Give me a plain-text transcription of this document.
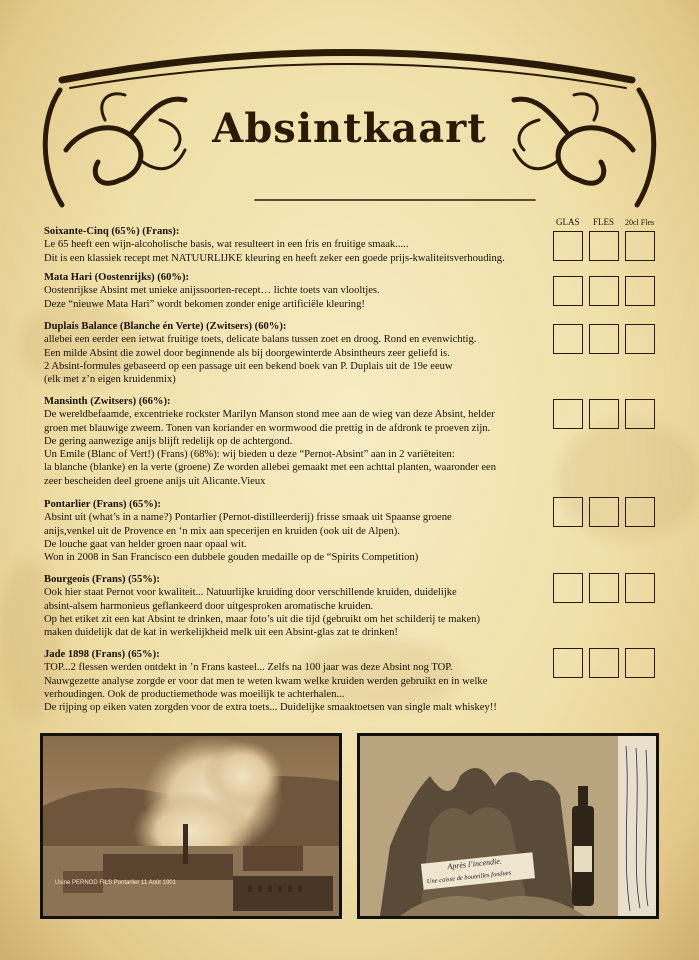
Absintkaart
GLAS FLES 20cl Fles

Soixante-Cinq (65%) (Frans):

Le 65 heeft een wijn-alcoholische basis, wat resulteert in een fris en fruitige smaak.....

Dit is een klassiek recept met NATUURLIJKE kleuring en heeft zeker een goede prijs-kwaliteitsverhouding.

Mata Hari (Oostenrijks) (60%):

Oostenrijkse Absint met unieke anijssoorten-recept… lichte toets van vlooltjes.

Deze “nieuwe Mata Hari” wordt bekomen zonder enige artificiële kleuring!

Duplais Balance (Blanche én Verte) (Zwitsers) (60%):

allebei een eerder een ietwat fruitige toets, delicate balans tussen zoet en droog. Rond en evenwichtig.

Een milde Absint die zowel door beginnende als bij doorgewinterde Absintheurs zeer geliefd is.

2 Absint-formules gebaseerd op een passage uit een bekend boek van P. Duplais uit de 19e eeuw

(elk met z’n eigen kruidenmix)

Mansinth (Zwitsers) (66%):

De wereldbefaamde, excentrieke rockster Marilyn Manson stond mee aan de wieg van deze Absint, helder

groen met blauwige zweem. Tonen van koriander en wormwood die prettig in de afdronk te proeven zijn.

De gering aanwezige anijs blijft redelijk op de achtergond.

Un Emile (Blanc of Vert!) (Frans) (68%): wij bieden u deze “Pernot-Absint” aan in 2 variëteiten:

la blanche (blanke) en la verte (groene) Ze worden allebei gemaakt met een achttal planten, waaronder een

zeer bescheiden deel groene anijs uit Alicante.Vieux

Pontarlier (Frans) (65%):

Absint uit (what’s in a name?) Pontarlier (Pernot-distilleerderij) frisse smaak uit Spaanse groene

anijs,venkel uit de Provence en ‘n mix aan specerijen en kruiden (ook uit de Alpen).

De louche gaat van helder groen naar opaal wit.

Won in 2008 in San Francisco een dubbele gouden medaille op de “Spirits Competition)

Bourgeois (Frans) (55%):

Ook hier staat Pernot voor kwaliteit... Natuurlijke kruiding door verschillende kruiden, duidelijke

absint-alsem harmonieus geflankeerd door uitgesproken aromatische kruiden.

Op het etiket zit een kat Absint te drinken, maar foto’s uit die tijd (gebruikt om het schilderij te maken)

maken duidelijk dat de kat in werkelijkheid melk uit een Absint-glas zat te drinken!

Jade 1898 (Frans) (65%):

TOP...2 flessen werden ontdekt in ’n Frans kasteel... Zelfs na 100 jaar was deze Absint nog TOP.

Nauwgezette analyse zorgde er voor dat men te weten kwam welke kruiden werden gebruikt en in welke

verhoudingen. Ook de productiemethode was moeilijk te achterhalen...

De rijping op eiken vaten zorgden voor de extra toets... Duidelijke smaaktoetsen van single malt whiskey!!

Usine PERNOD FILS Pontarlier 11 Août 1901
Après l’incendie.
Une caisse de bouteilles fondues
